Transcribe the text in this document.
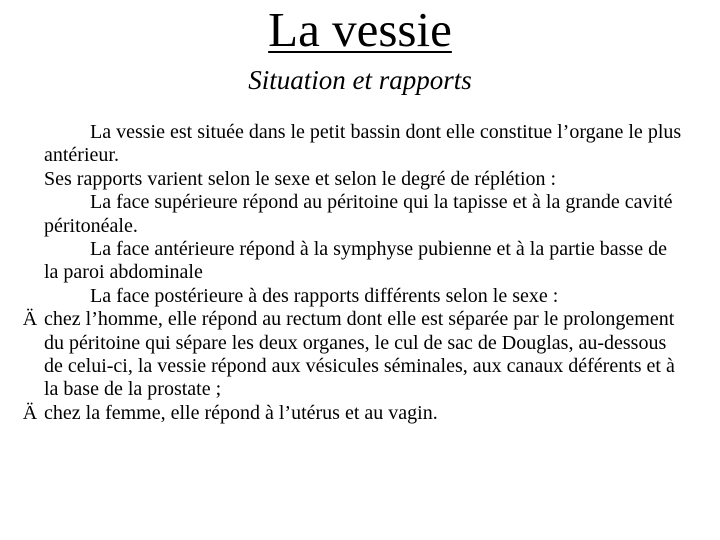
La vessie
Situation et rapports

La vessie est située dans le petit bassin dont elle constitue l’organe le plus antérieur.

Ses rapports varient selon le sexe et selon le degré de réplétion :

La face supérieure répond au péritoine qui la tapisse et à la grande cavité péritonéale.

La face antérieure répond à la symphyse pubienne et à la partie basse de la paroi abdominale

La face postérieure à des rapports différents selon le sexe :

Ä chez l’homme, elle répond au rectum dont elle est séparée par le prolongement du péritoine qui sépare les deux organes, le cul de sac de Douglas, au-dessous de celui-ci, la vessie répond aux vésicules séminales, aux canaux déférents et à la base de la prostate ;
Ä chez la femme, elle répond à l’utérus et au vagin.
